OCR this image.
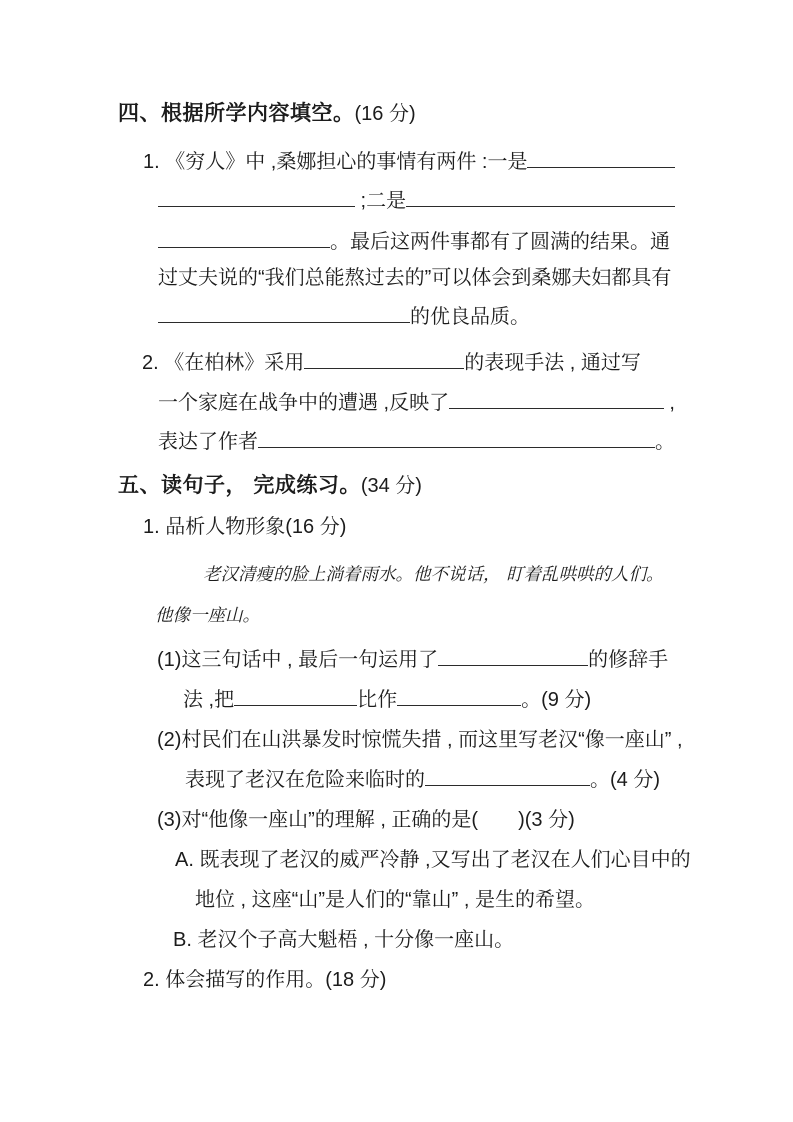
四、根据所学内容填空。 (16 分)
1. 《穷人》中 ,桑娜担心的事情有两件 :一是
;二是
。最后这两件事都有了圆满的结果。通
过丈夫说的“我们总能熬过去的”可以体会到桑娜夫妇都具有
的优良品质。
2. 《在柏林》采用	的表现手法 , 通过写
一个家庭在战争中的遭遇 ,反映了	,
表达了作者	。
五、读句子， 完成练习。 (34 分)
1. 品析人物形象(16 分)
老汉清瘦的脸上淌着雨水。他不说话， 盯着乱哄哄的人们。
他像一座山。
(1)这三句话中 , 最后一句运用了	的修辞手
法 ,把	比作	。(9 分)
(2)村民们在山洪暴发时惊慌失措 , 而这里写老汉“像一座山” ,
表现了老汉在危险来临时的	。(4 分)
(3)对“他像一座山”的理解 , 正确的是(　　)(3 分)
A. 既表现了老汉的威严冷静 ,又写出了老汉在人们心目中的
地位 , 这座“山”是人们的“靠山” , 是生的希望。
B. 老汉个子高大魁梧 , 十分像一座山。
2. 体会描写的作用。(18 分)
